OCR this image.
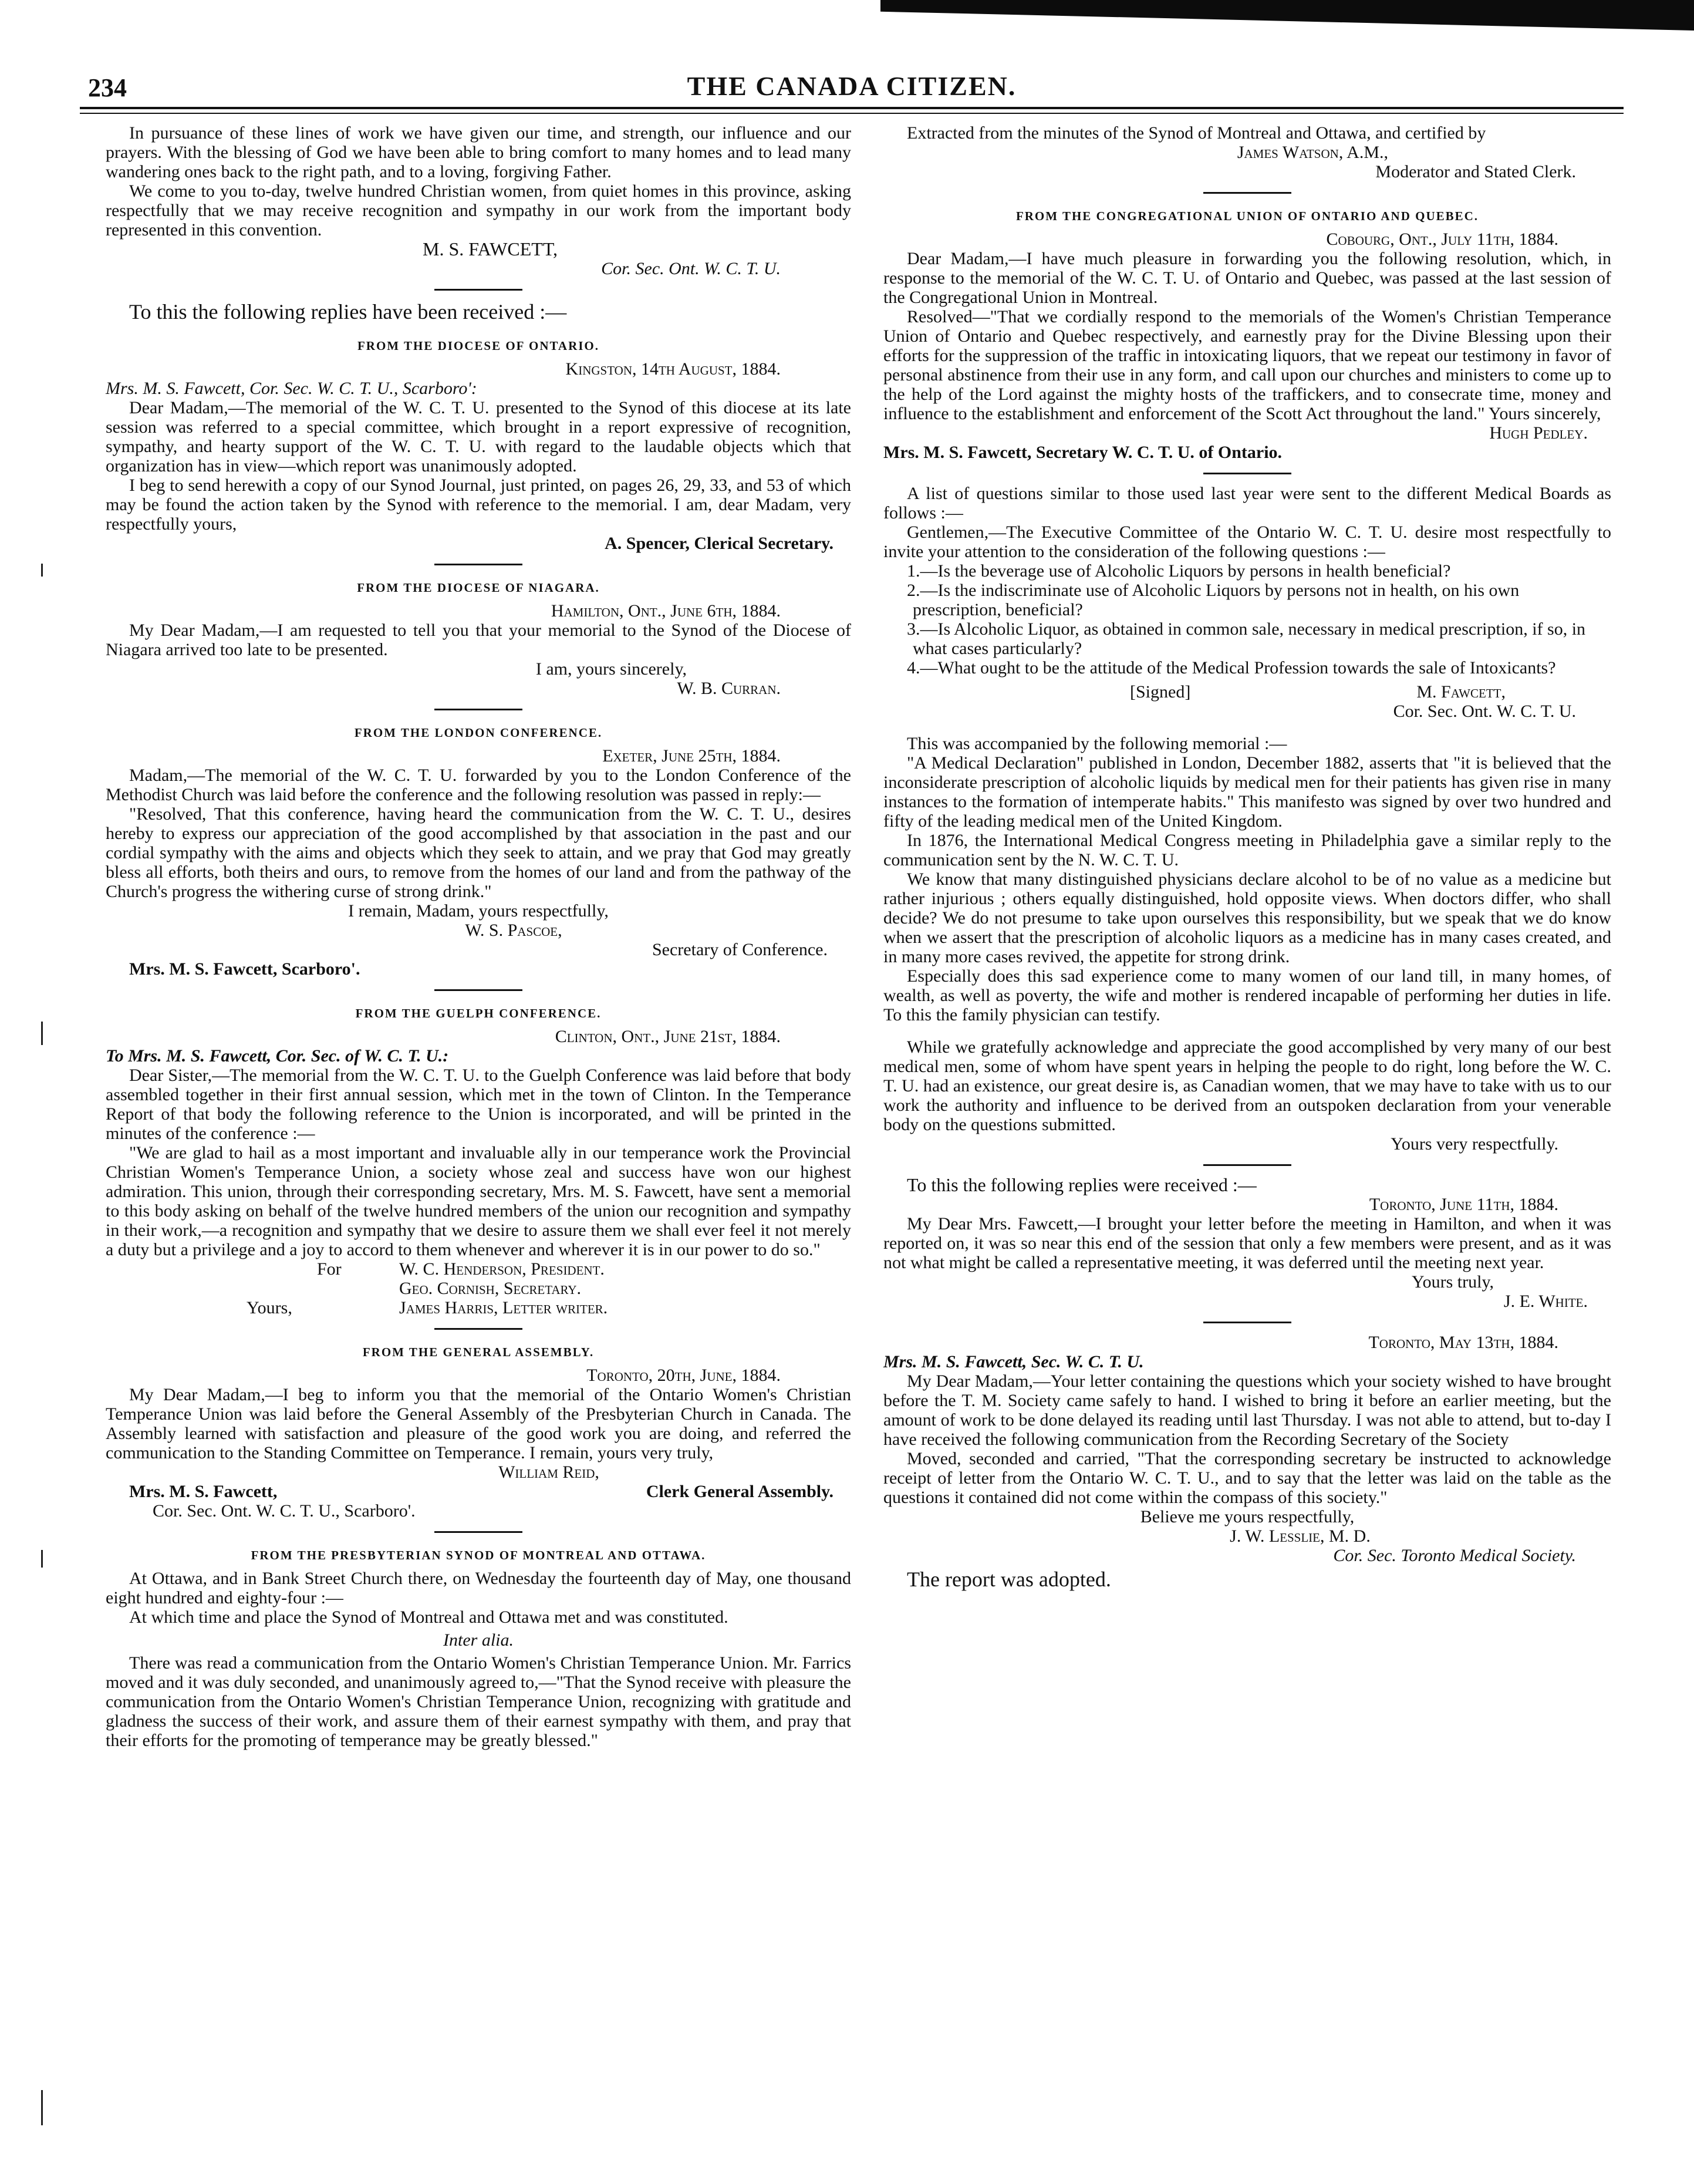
234	THE CANADA CITIZEN.

In pursuance of these lines of work we have given our time, and strength, our influence and our prayers. With the blessing of God we have been able to bring comfort to many homes and to lead many wandering ones back to the right path, and to a loving, forgiving Father.

We come to you to-day, twelve hundred Christian women, from quiet homes in this province, asking respectfully that we may receive recognition and sympathy in our work from the important body represented in this convention.

M. S. FAWCETT,
Cor. Sec. Ont. W. C. T. U.

To this the following replies have been received :—

FROM THE DIOCESE OF ONTARIO.
Kingston, 14th August, 1884.

Mrs. M. S. Fawcett, Cor. Sec. W. C. T. U., Scarboro':

Dear Madam,—The memorial of the W. C. T. U. presented to the Synod of this diocese at its late session was referred to a special committee, which brought in a report expressive of recognition, sympathy, and hearty support of the W. C. T. U. with regard to the laudable objects which that organization has in view—which report was unanimously adopted.

I beg to send herewith a copy of our Synod Journal, just printed, on pages 26, 29, 33, and 53 of which may be found the action taken by the Synod with reference to the memorial. I am, dear Madam, very respectfully yours,

A. Spencer, Clerical Secretary.
FROM THE DIOCESE OF NIAGARA.
Hamilton, Ont., June 6th, 1884.

My Dear Madam,—I am requested to tell you that your memorial to the Synod of the Diocese of Niagara arrived too late to be presented.

I am, yours sincerely,
W. B. Curran.
FROM THE LONDON CONFERENCE.
Exeter, June 25th, 1884.

Madam,—The memorial of the W. C. T. U. forwarded by you to the London Conference of the Methodist Church was laid before the conference and the following resolution was passed in reply:—

"Resolved, That this conference, having heard the communication from the W. C. T. U., desires hereby to express our appreciation of the good accomplished by that association in the past and our cordial sympathy with the aims and objects which they seek to attain, and we pray that God may greatly bless all efforts, both theirs and ours, to remove from the homes of our land and from the pathway of the Church's progress the withering curse of strong drink."

I remain, Madam, yours respectfully,
W. S. Pascoe,
Secretary of Conference.

Mrs. M. S. Fawcett, Scarboro'.

FROM THE GUELPH CONFERENCE.
Clinton, Ont., June 21st, 1884.

To Mrs. M. S. Fawcett, Cor. Sec. of W. C. T. U.:

Dear Sister,—The memorial from the W. C. T. U. to the Guelph Conference was laid before that body assembled together in their first annual session, which met in the town of Clinton. In the Temperance Report of that body the following reference to the Union is incorporated, and will be printed in the minutes of the conference :—

"We are glad to hail as a most important and invaluable ally in our temperance work the Provincial Christian Women's Temperance Union, a society whose zeal and success have won our highest admiration. This union, through their corresponding secretary, Mrs. M. S. Fawcett, have sent a memorial to this body asking on behalf of the twelve hundred members of the union our recognition and sympathy in their work,—a recognition and sympathy that we desire to assure them we shall ever feel it not merely a duty but a privilege and a joy to accord to them whenever and wherever it is in our power to do so."

For	W. C. Henderson, President.
Geo. Cornish, Secretary.
Yours,	James Harris, Letter writer.
FROM THE GENERAL ASSEMBLY.
Toronto, 20th, June, 1884.

My Dear Madam,—I beg to inform you that the memorial of the Ontario Women's Christian Temperance Union was laid before the General Assembly of the Presbyterian Church in Canada. The Assembly learned with satisfaction and pleasure of the good work you are doing, and referred the communication to the Standing Committee on Temperance. I remain, yours very truly,

William Reid,
Mrs. M. S. Fawcett,	Clerk General Assembly.
Cor. Sec. Ont. W. C. T. U., Scarboro'.
FROM THE PRESBYTERIAN SYNOD OF MONTREAL AND OTTAWA.

At Ottawa, and in Bank Street Church there, on Wednesday the fourteenth day of May, one thousand eight hundred and eighty-four :—

At which time and place the Synod of Montreal and Ottawa met and was constituted.

Inter alia.

There was read a communication from the Ontario Women's Christian Temperance Union. Mr. Farrics moved and it was duly seconded, and unanimously agreed to,—"That the Synod receive with pleasure the communication from the Ontario Women's Christian Temperance Union, recognizing with gratitude and gladness the success of their work, and assure them of their earnest sympathy with them, and pray that their efforts for the promoting of temperance may be greatly blessed."

Extracted from the minutes of the Synod of Montreal and Ottawa, and certified by

James Watson, A.M.,
Moderator and Stated Clerk.
FROM THE CONGREGATIONAL UNION OF ONTARIO AND QUEBEC.
Cobourg, Ont., July 11th, 1884.

Dear Madam,—I have much pleasure in forwarding you the following resolution, which, in response to the memorial of the W. C. T. U. of Ontario and Quebec, was passed at the last session of the Congregational Union in Montreal.

Resolved—"That we cordially respond to the memorials of the Women's Christian Temperance Union of Ontario and Quebec respectively, and earnestly pray for the Divine Blessing upon their efforts for the suppression of the traffic in intoxicating liquors, that we repeat our testimony in favor of personal abstinence from their use in any form, and call upon our churches and ministers to come up to the help of the Lord against the mighty hosts of the traffickers, and to consecrate time, money and influence to the establishment and enforcement of the Scott Act throughout the land." Yours sincerely,

Hugh Pedley.

Mrs. M. S. Fawcett, Secretary W. C. T. U. of Ontario.

A list of questions similar to those used last year were sent to the different Medical Boards as follows :—

Gentlemen,—The Executive Committee of the Ontario W. C. T. U. desire most respectfully to invite your attention to the consideration of the following questions :—

1.—Is the beverage use of Alcoholic Liquors by persons in health beneficial?
2.—Is the indiscriminate use of Alcoholic Liquors by persons not in health, on his own prescription, beneficial?
3.—Is Alcoholic Liquor, as obtained in common sale, necessary in medical prescription, if so, in what cases particularly?
4.—What ought to be the attitude of the Medical Profession towards the sale of Intoxicants?
[Signed]	M. Fawcett,
Cor. Sec. Ont. W. C. T. U.

This was accompanied by the following memorial :—

"A Medical Declaration" published in London, December 1882, asserts that "it is believed that the inconsiderate prescription of alcoholic liquids by medical men for their patients has given rise in many instances to the formation of intemperate habits." This manifesto was signed by over two hundred and fifty of the leading medical men of the United Kingdom.

In 1876, the International Medical Congress meeting in Philadelphia gave a similar reply to the communication sent by the N. W. C. T. U.

We know that many distinguished physicians declare alcohol to be of no value as a medicine but rather injurious ; others equally distinguished, hold opposite views. When doctors differ, who shall decide? We do not presume to take upon ourselves this responsibility, but we speak that we do know when we assert that the prescription of alcoholic liquors as a medicine has in many cases created, and in many more cases revived, the appetite for strong drink.

Especially does this sad experience come to many women of our land till, in many homes, of wealth, as well as poverty, the wife and mother is rendered incapable of performing her duties in life. To this the family physician can testify.

While we gratefully acknowledge and appreciate the good accomplished by very many of our best medical men, some of whom have spent years in helping the people to do right, long before the W. C. T. U. had an existence, our great desire is, as Canadian women, that we may have to take with us to our work the authority and influence to be derived from an outspoken declaration from your venerable body on the questions submitted.

Yours very respectfully.

To this the following replies were received :—

Toronto, June 11th, 1884.

My Dear Mrs. Fawcett,—I brought your letter before the meeting in Hamilton, and when it was reported on, it was so near this end of the session that only a few members were present, and as it was not what might be called a representative meeting, it was deferred until the meeting next year.

Yours truly,
J. E. White.
Toronto, May 13th, 1884.

Mrs. M. S. Fawcett, Sec. W. C. T. U.

My Dear Madam,—Your letter containing the questions which your society wished to have brought before the T. M. Society came safely to hand. I wished to bring it before an earlier meeting, but the amount of work to be done delayed its reading until last Thursday. I was not able to attend, but to-day I have received the following communication from the Recording Secretary of the Society

Moved, seconded and carried, "That the corresponding secretary be instructed to acknowledge receipt of letter from the Ontario W. C. T. U., and to say that the letter was laid on the table as the questions it contained did not come within the compass of this society."

Believe me yours respectfully,
J. W. Lesslie, M. D.
Cor. Sec. Toronto Medical Society.

The report was adopted.
